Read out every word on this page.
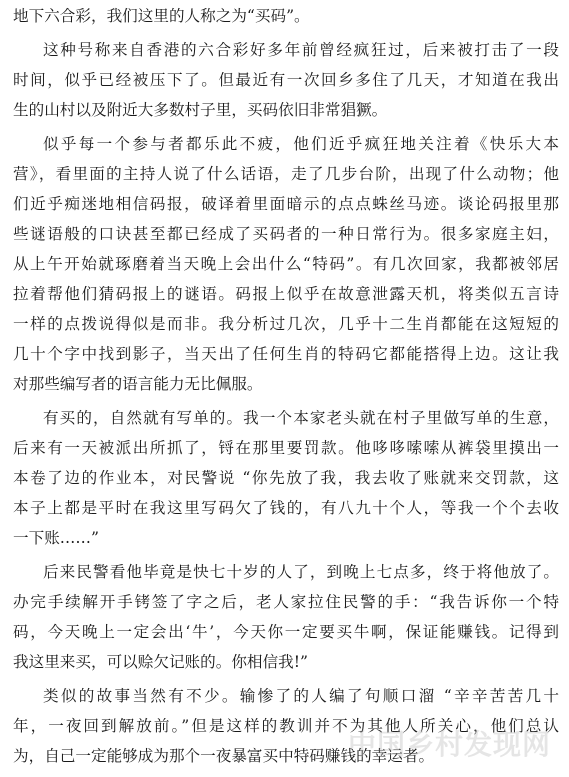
地下六合彩，我们这里的人称之为“买码”。
这种号称来自香港的六合彩好多年前曾经疯狂过，后来被打击了一段
时间，似乎已经被压下了。但最近有一次回乡多住了几天，才知道在我出
生的山村以及附近大多数村子里，买码依旧非常猖獗。
似乎每一个参与者都乐此不疲，他们近乎疯狂地关注着《快乐大本
营》，看里面的主持人说了什么话语，走了几步台阶，出现了什么动物；他
们近乎痴迷地相信码报，破译着里面暗示的点点蛛丝马迹。谈论码报里那
些谜语般的口诀甚至都已经成了买码者的一种日常行为。很多家庭主妇，
从上午开始就琢磨着当天晚上会出什么“特码”。有几次回家，我都被邻居
拉着帮他们猜码报上的谜语。码报上似乎在故意泄露天机，将类似五言诗
一样的点拨说得似是而非。我分析过几次，几乎十二生肖都能在这短短的
几十个字中找到影子，当天出了任何生肖的特码它都能搭得上边。这让我
对那些编写者的语言能力无比佩服。
有买的，自然就有写单的。我一个本家老头就在村子里做写单的生意，
后来有一天被派出所抓了，锊在那里要罚款。他哆哆嗦嗦从裤袋里摸出一
本卷了边的作业本，对民警说 “你先放了我，我去收了账就来交罚款，这
本子上都是平时在我这里写码欠了钱的，有八九十个人，等我一个个去收
一下账……”
后来民警看他毕竟是快七十岁的人了，到晚上七点多，终于将他放了。
办完手续解开手铐签了字之后，老人家拉住民警的手：“我告诉你一个特
码，今天晚上一定会出‘牛’，今天你一定要买牛啊，保证能赚钱。记得到
我这里来买，可以赊欠记账的。你相信我!”
类似的故事当然有不少。输惨了的人编了句顺口溜 “辛辛苦苦几十
年，一夜回到解放前。”但是这样的教训并不为其他人所关心，他们总认
为，自己一定能够成为那个一夜暴富买中特码赚钱的幸运者。
中国乡村发现网
